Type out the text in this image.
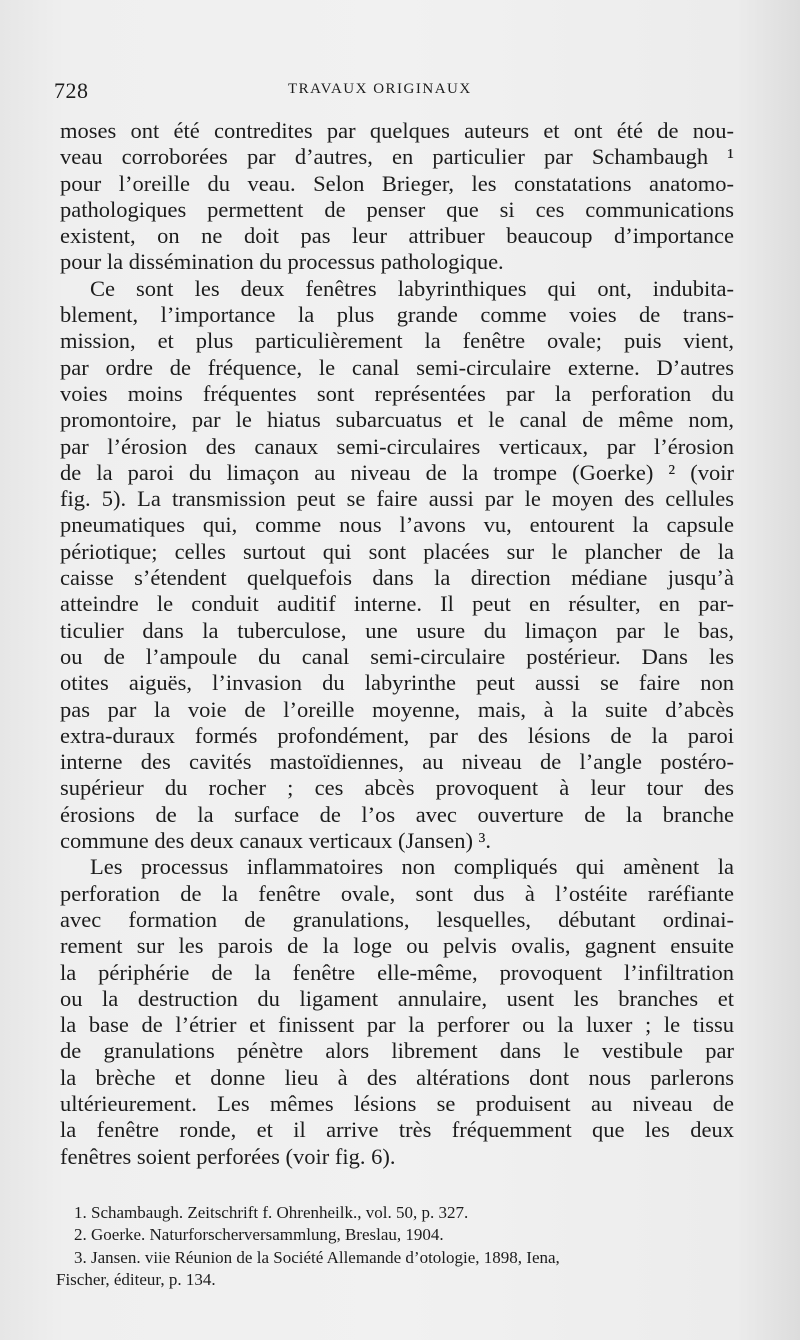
728	TRAVAUX ORIGINAUX
moses ont été contredites par quelques auteurs et ont été de nou-
veau corroborées par d’autres, en particulier par Schambaugh ¹
pour l’oreille du veau. Selon Brieger, les constatations anatomo-
pathologiques permettent de penser que si ces communications
existent, on ne doit pas leur attribuer beaucoup d’importance
pour la dissémination du processus pathologique.
Ce sont les deux fenêtres labyrinthiques qui ont, indubita-
blement, l’importance la plus grande comme voies de trans-
mission, et plus particulièrement la fenêtre ovale; puis vient,
par ordre de fréquence, le canal semi-circulaire externe. D’autres
voies moins fréquentes sont représentées par la perforation du
promontoire, par le hiatus subarcuatus et le canal de même nom,
par l’érosion des canaux semi-circulaires verticaux, par l’érosion
de la paroi du limaçon au niveau de la trompe (Goerke) ² (voir
fig. 5). La transmission peut se faire aussi par le moyen des cellules
pneumatiques qui, comme nous l’avons vu, entourent la capsule
périotique; celles surtout qui sont placées sur le plancher de la
caisse s’étendent quelquefois dans la direction médiane jusqu’à
atteindre le conduit auditif interne. Il peut en résulter, en par-
ticulier dans la tuberculose, une usure du limaçon par le bas,
ou de l’ampoule du canal semi-circulaire postérieur. Dans les
otites aiguës, l’invasion du labyrinthe peut aussi se faire non
pas par la voie de l’oreille moyenne, mais, à la suite d’abcès
extra-duraux formés profondément, par des lésions de la paroi
interne des cavités mastoïdiennes, au niveau de l’angle postéro-
supérieur du rocher ; ces abcès provoquent à leur tour des
érosions de la surface de l’os avec ouverture de la branche
commune des deux canaux verticaux (Jansen) ³.
Les processus inflammatoires non compliqués qui amènent la
perforation de la fenêtre ovale, sont dus à l’ostéite raréfiante
avec formation de granulations, lesquelles, débutant ordinai-
rement sur les parois de la loge ou pelvis ovalis, gagnent ensuite
la périphérie de la fenêtre elle-même, provoquent l’infiltration
ou la destruction du ligament annulaire, usent les branches et
la base de l’étrier et finissent par la perforer ou la luxer ; le tissu
de granulations pénètre alors librement dans le vestibule par
la brèche et donne lieu à des altérations dont nous parlerons
ultérieurement. Les mêmes lésions se produisent au niveau de
la fenêtre ronde, et il arrive très fréquemment que les deux
fenêtres soient perforées (voir fig. 6).
1. Schambaugh. Zeitschrift f. Ohrenheilk., vol. 50, p. 327.
2. Goerke. Naturforscherversammlung, Breslau, 1904.
3. Jansen. viie Réunion de la Société Allemande d’otologie, 1898, Iena,
Fischer, éditeur, p. 134.
